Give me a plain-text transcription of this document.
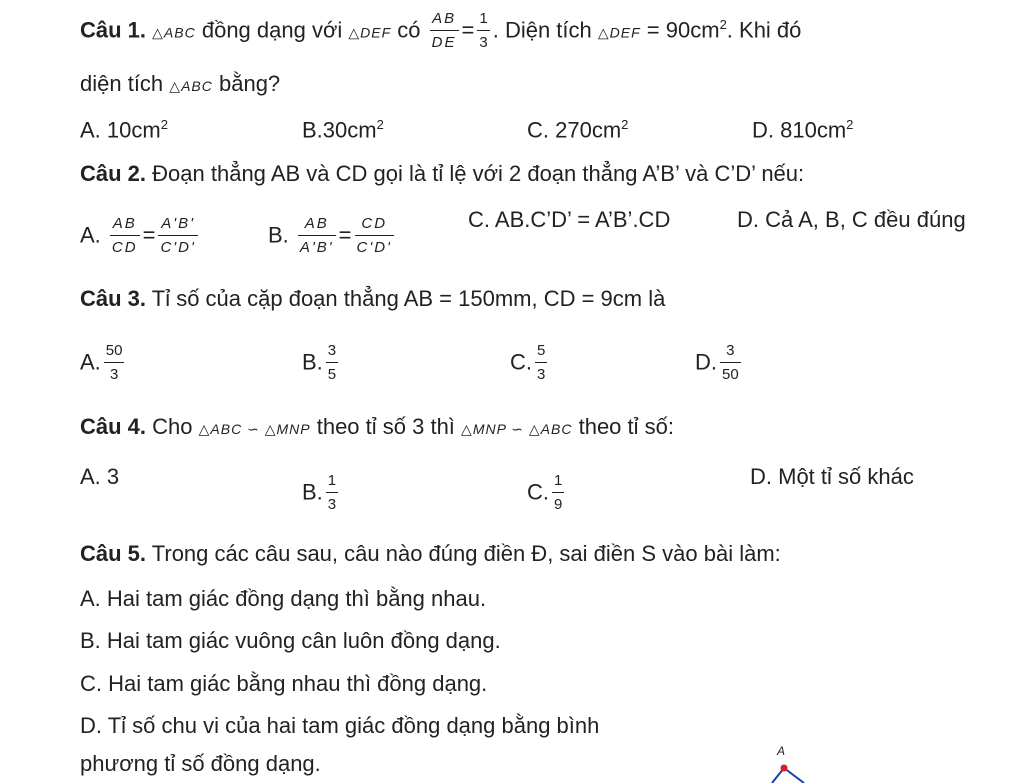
Câu 1. △ABC đồng dạng với △DEF có $\frac{AB}{DE} = \frac{1}{3}$ . Diện tích △DEF = $90cm^2$. Khi đó
diện tích △ABC bằng?
A. $10cm^2$	$B.30cm^2$	C. $270cm^2$	D. $810cm^2$
Câu 2. Đoạn thẳng AB và CD gọi là tỉ lệ với 2 đoạn thẳng A’B’ và C’D’ nếu:
A. $\frac{AB}{CD} = \frac{A'B'}{C'D'}$	B. $\frac{AB}{A'B'} = \frac{CD}{C'D'}$	C. AB.C’D’ = A’B’.CD	D. Cả A, B, C đều đúng
Câu 3. Tỉ số của cặp đoạn thẳng AB = 150mm, CD = 9cm là
A. $\frac{50}{3}$	B. $\frac{3}{5}$	C. $\frac{5}{3}$	D. $\frac{3}{50}$
Câu 4. Cho △ABC ∽ △MNP theo tỉ số 3 thì △MNP ∽ △ABC theo tỉ số:
A. 3
B. $\frac{1}{3}$	C. $\frac{1}{9}$	D. Một tỉ số khác
Câu 5. Trong các câu sau, câu nào đúng điền Đ, sai điền S vào bài làm:
A. Hai tam giác đồng dạng thì bằng nhau.
B. Hai tam giác vuông cân luôn đồng dạng.
C. Hai tam giác bằng nhau thì đồng dạng.
D. Tỉ số chu vi của hai tam giác đồng dạng bằng bình
phương tỉ số đồng dạng.	A
